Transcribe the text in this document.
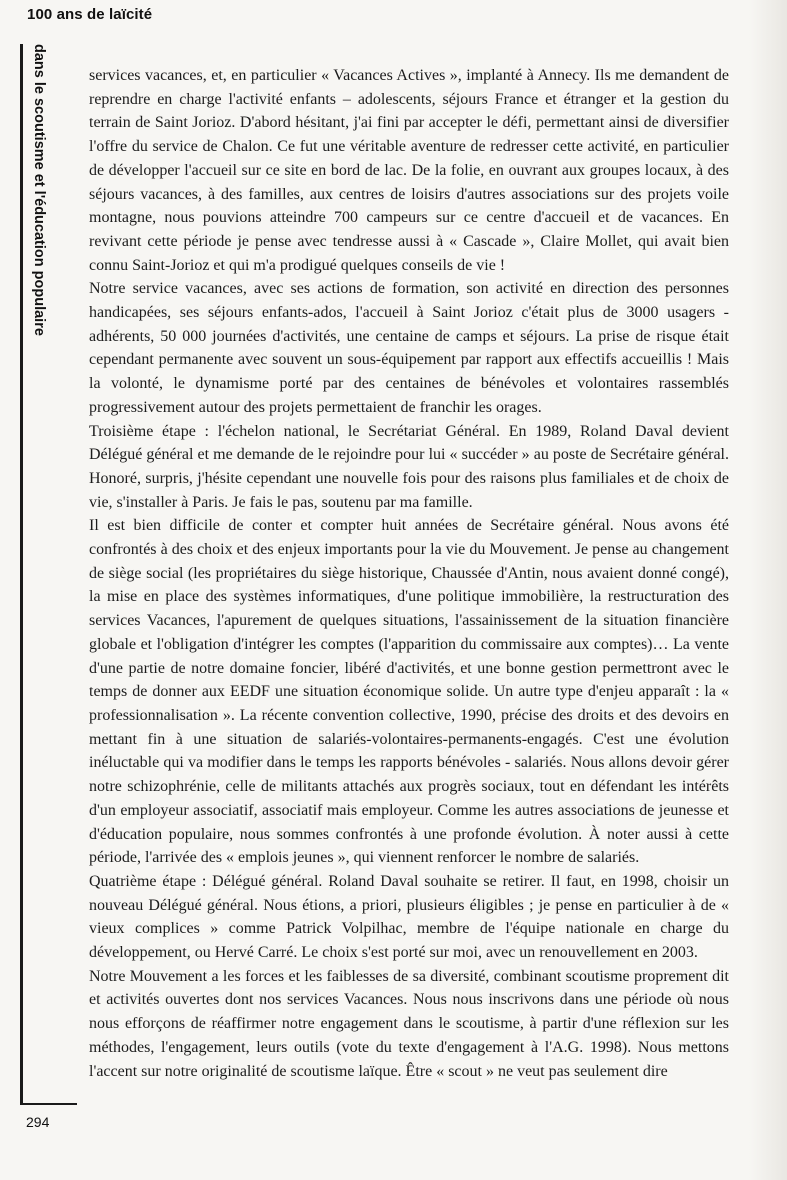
100 ans de laïcité
dans le scoutisme et l'éducation populaire	services vacances, et, en particulier « Vacances Actives », implanté à Annecy. Ils me demandent de reprendre en charge l'activité enfants – adolescents, séjours France et étranger et la gestion du terrain de Saint Jorioz. D'abord hésitant, j'ai fini par accepter le défi, permettant ainsi de diversifier l'offre du service de Chalon. Ce fut une véritable aventure de redresser cette activité, en particulier de développer l'accueil sur ce site en bord de lac. De la folie, en ouvrant aux groupes locaux, à des séjours vacances, à des familles, aux centres de loisirs d'autres associations sur des projets voile montagne, nous pouvions atteindre 700 campeurs sur ce centre d'accueil et de vacances. En revivant cette période je pense avec tendresse aussi à « Cascade », Claire Mollet, qui avait bien connu Saint-Jorioz et qui m'a prodigué quelques conseils de vie !

Notre service vacances, avec ses actions de formation, son activité en direction des personnes handicapées, ses séjours enfants-ados, l'accueil à Saint Jorioz c'était plus de 3000 usagers - adhérents, 50 000 journées d'activités, une centaine de camps et séjours. La prise de risque était cependant permanente avec souvent un sous-équipement par rapport aux effectifs accueillis ! Mais la volonté, le dynamisme porté par des centaines de bénévoles et volontaires rassemblés progressivement autour des projets permettaient de franchir les orages.

Troisième étape : l'échelon national, le Secrétariat Général. En 1989, Roland Daval devient Délégué général et me demande de le rejoindre pour lui « succéder » au poste de Secrétaire général. Honoré, surpris, j'hésite cependant une nouvelle fois pour des raisons plus familiales et de choix de vie, s'installer à Paris. Je fais le pas, soutenu par ma famille.

Il est bien difficile de conter et compter huit années de Secrétaire général. Nous avons été confrontés à des choix et des enjeux importants pour la vie du Mouvement. Je pense au changement de siège social (les propriétaires du siège historique, Chaussée d'Antin, nous avaient donné congé), la mise en place des systèmes informatiques, d'une politique immobilière, la restructuration des services Vacances, l'apurement de quelques situations, l'assainissement de la situation financière globale et l'obligation d'intégrer les comptes (l'apparition du commissaire aux comptes)… La vente d'une partie de notre domaine foncier, libéré d'activités, et une bonne gestion permettront avec le temps de donner aux EEDF une situation économique solide. Un autre type d'enjeu apparaît : la « professionnalisation ». La récente convention collective, 1990, précise des droits et des devoirs en mettant fin à une situation de salariés-volontaires-permanents-engagés. C'est une évolution inéluctable qui va modifier dans le temps les rapports bénévoles - salariés. Nous allons devoir gérer notre schizophrénie, celle de militants attachés aux progrès sociaux, tout en défendant les intérêts d'un employeur associatif, associatif mais employeur. Comme les autres associations de jeunesse et d'éducation populaire, nous sommes confrontés à une profonde évolution. À noter aussi à cette période, l'arrivée des « emplois jeunes », qui viennent renforcer le nombre de salariés.

Quatrième étape : Délégué général. Roland Daval souhaite se retirer. Il faut, en 1998, choisir un nouveau Délégué général. Nous étions, a priori, plusieurs éligibles ; je pense en particulier à de « vieux complices » comme Patrick Volpilhac, membre de l'équipe nationale en charge du développement, ou Hervé Carré. Le choix s'est porté sur moi, avec un renouvellement en 2003.

Notre Mouvement a les forces et les faiblesses de sa diversité, combinant scoutisme proprement dit et activités ouvertes dont nos services Vacances. Nous nous inscrivons dans une période où nous nous efforçons de réaffirmer notre engagement dans le scoutisme, à partir d'une réflexion sur les méthodes, l'engagement, leurs outils (vote du texte d'engagement à l'A.G. 1998). Nous mettons l'accent sur notre originalité de scoutisme laïque. Être « scout » ne veut pas seulement dire

294
